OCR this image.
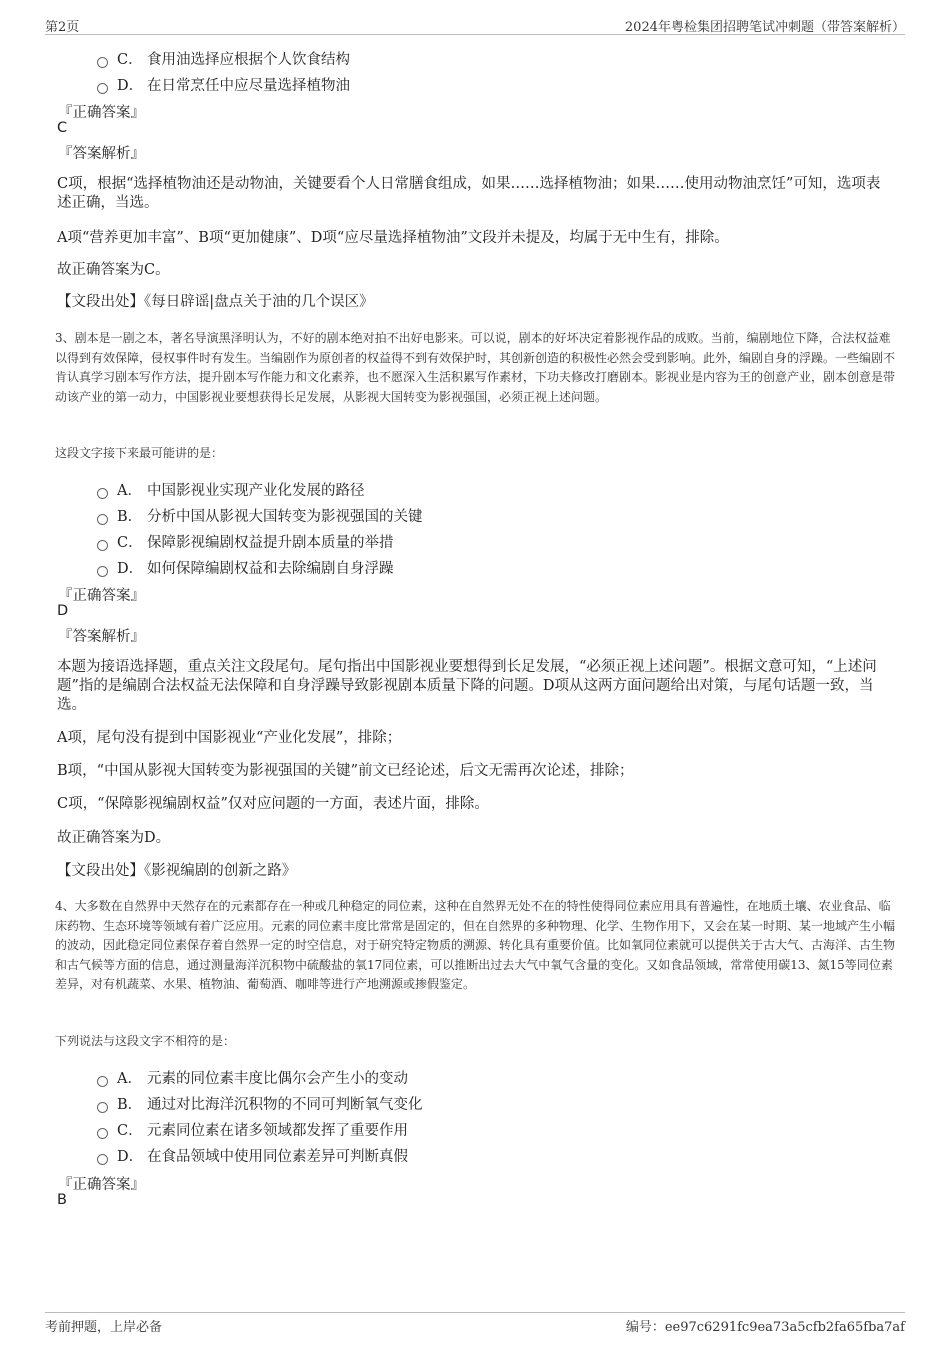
第2页	2024年粤检集团招聘笔试冲刺题（带答案解析）
C． 食用油选择应根据个人饮食结构
D． 在日常烹任中应尽量选择植物油
『正确答案』
C
『答案解析』
C项，根据“选择植物油还是动物油，关键要看个人日常膳食组成，如果……选择植物油；如果……使用动物油烹饪”可知，选项表述正确，当选。
A项“营养更加丰富”、B项“更加健康”、D项“应尽量选择植物油”文段并未提及，均属于无中生有，排除。
故正确答案为C。
【文段出处】《每日辟谣|盘点关于油的几个误区》
3、剧本是一剧之本，著名导演黑泽明认为，不好的剧本绝对拍不出好电影来。可以说，剧本的好坏决定着影视作品的成败。当前，编剧地位下降，合法权益难以得到有效保障，侵权事件时有发生。当编剧作为原创者的权益得不到有效保护时，其创新创造的积极性必然会受到影响。此外，编剧自身的浮躁。一些编剧不肯认真学习剧本写作方法，提升剧本写作能力和文化素养，也不愿深入生活积累写作素材，下功夫修改打磨剧本。影视业是内容为王的创意产业，剧本创意是带动该产业的第一动力，中国影视业要想获得长足发展，从影视大国转变为影视强国，必须正视上述问题。
这段文字接下来最可能讲的是：
A． 中国影视业实现产业化发展的路径
B． 分析中国从影视大国转变为影视强国的关键
C． 保障影视编剧权益提升剧本质量的举措
D． 如何保障编剧权益和去除编剧自身浮躁
『正确答案』
D
『答案解析』
本题为接语选择题，重点关注文段尾句。尾句指出中国影视业要想得到长足发展，“必须正视上述问题”。根据文意可知，“上述问题”指的是编剧合法权益无法保障和自身浮躁导致影视剧本质量下降的问题。D项从这两方面问题给出对策，与尾句话题一致，当选。
A项，尾句没有提到中国影视业“产业化发展”，排除；
B项，“中国从影视大国转变为影视强国的关键”前文已经论述，后文无需再次论述，排除；
C项，“保障影视编剧权益”仅对应问题的一方面，表述片面，排除。
故正确答案为D。
【文段出处】《影视编剧的创新之路》
4、大多数在自然界中天然存在的元素都存在一种或几种稳定的同位素，这种在自然界无处不在的特性使得同位素应用具有普遍性，在地质土壤、农业食品、临床药物、生态环境等领域有着广泛应用。元素的同位素丰度比常常是固定的，但在自然界的多种物理、化学、生物作用下，又会在某一时期、某一地域产生小幅的波动，因此稳定同位素保存着自然界一定的时空信息，对于研究特定物质的溯源、转化具有重要价值。比如氧同位素就可以提供关于古大气、古海洋、古生物和古气候等方面的信息，通过测量海洋沉积物中硫酸盐的氧17同位素，可以推断出过去大气中氧气含量的变化。又如食品领域，常常使用碳13、氮15等同位素差异，对有机蔬菜、水果、植物油、葡萄酒、咖啡等进行产地溯源或掺假鉴定。
下列说法与这段文字不相符的是：
A． 元素的同位素丰度比偶尔会产生小的变动
B． 通过对比海洋沉积物的不同可判断氧气变化
C． 元素同位素在诸多领域都发挥了重要作用
D． 在食品领域中使用同位素差异可判断真假
『正确答案』
B
考前押题，上岸必备	编号：ee97c6291fc9ea73a5cfb2fa65fba7af
